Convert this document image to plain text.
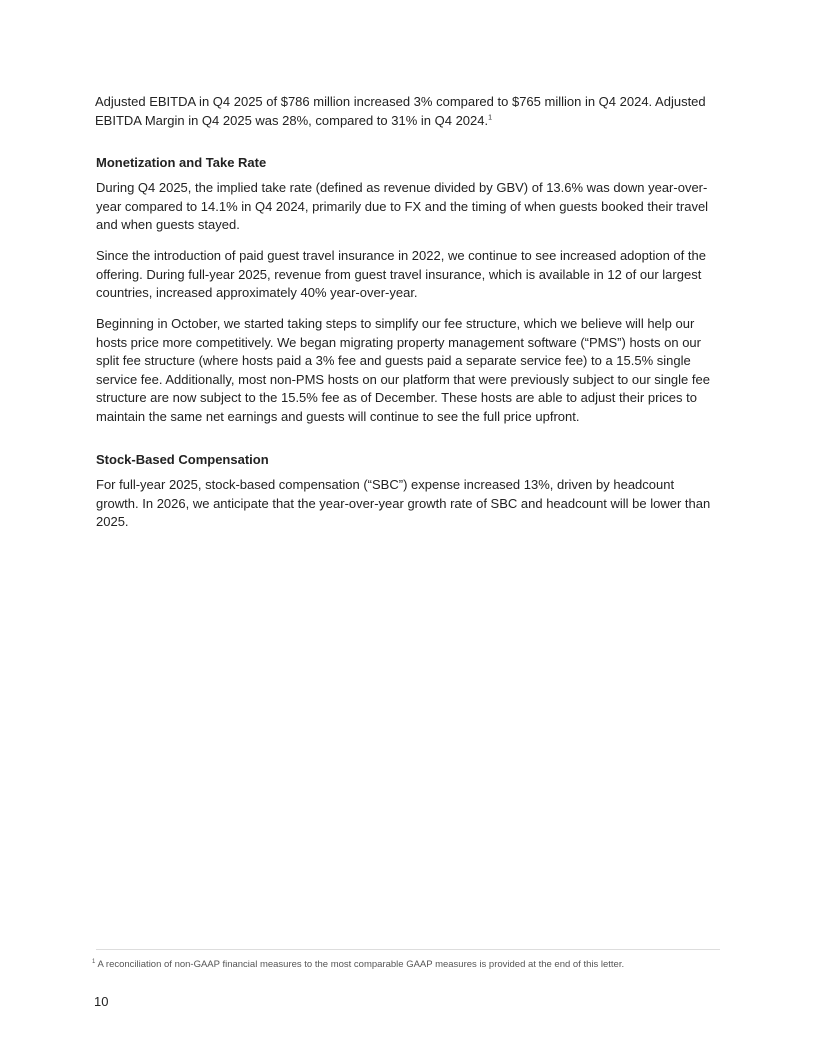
Adjusted EBITDA in Q4 2025 of $786 million increased 3% compared to $765 million in Q4 2024. Adjusted EBITDA Margin in Q4 2025 was 28%, compared to 31% in Q4 2024.$^1$

Monetization and Take Rate

During Q4 2025, the implied take rate (defined as revenue divided by GBV) of 13.6% was down year-over-year compared to 14.1% in Q4 2024, primarily due to FX and the timing of when guests booked their travel and when guests stayed.

Since the introduction of paid guest travel insurance in 2022, we continue to see increased adoption of the offering. During full-year 2025, revenue from guest travel insurance, which is available in 12 of our largest countries, increased approximately 40% year-over-year.

Beginning in October, we started taking steps to simplify our fee structure, which we believe will help our hosts price more competitively. We began migrating property management software (“PMS”) hosts on our split fee structure (where hosts paid a 3% fee and guests paid a separate service fee) to a 15.5% single service fee. Additionally, most non-PMS hosts on our platform that were previously subject to our single fee structure are now subject to the 15.5% fee as of December. These hosts are able to adjust their prices to maintain the same net earnings and guests will continue to see the full price upfront.

Stock-Based Compensation

For full-year 2025, stock-based compensation (“SBC”) expense increased 13%, driven by headcount growth. In 2026, we anticipate that the year-over-year growth rate of SBC and headcount will be lower than 2025.

$^1$ A reconciliation of non-GAAP financial measures to the most comparable GAAP measures is provided at the end of this letter.
10
